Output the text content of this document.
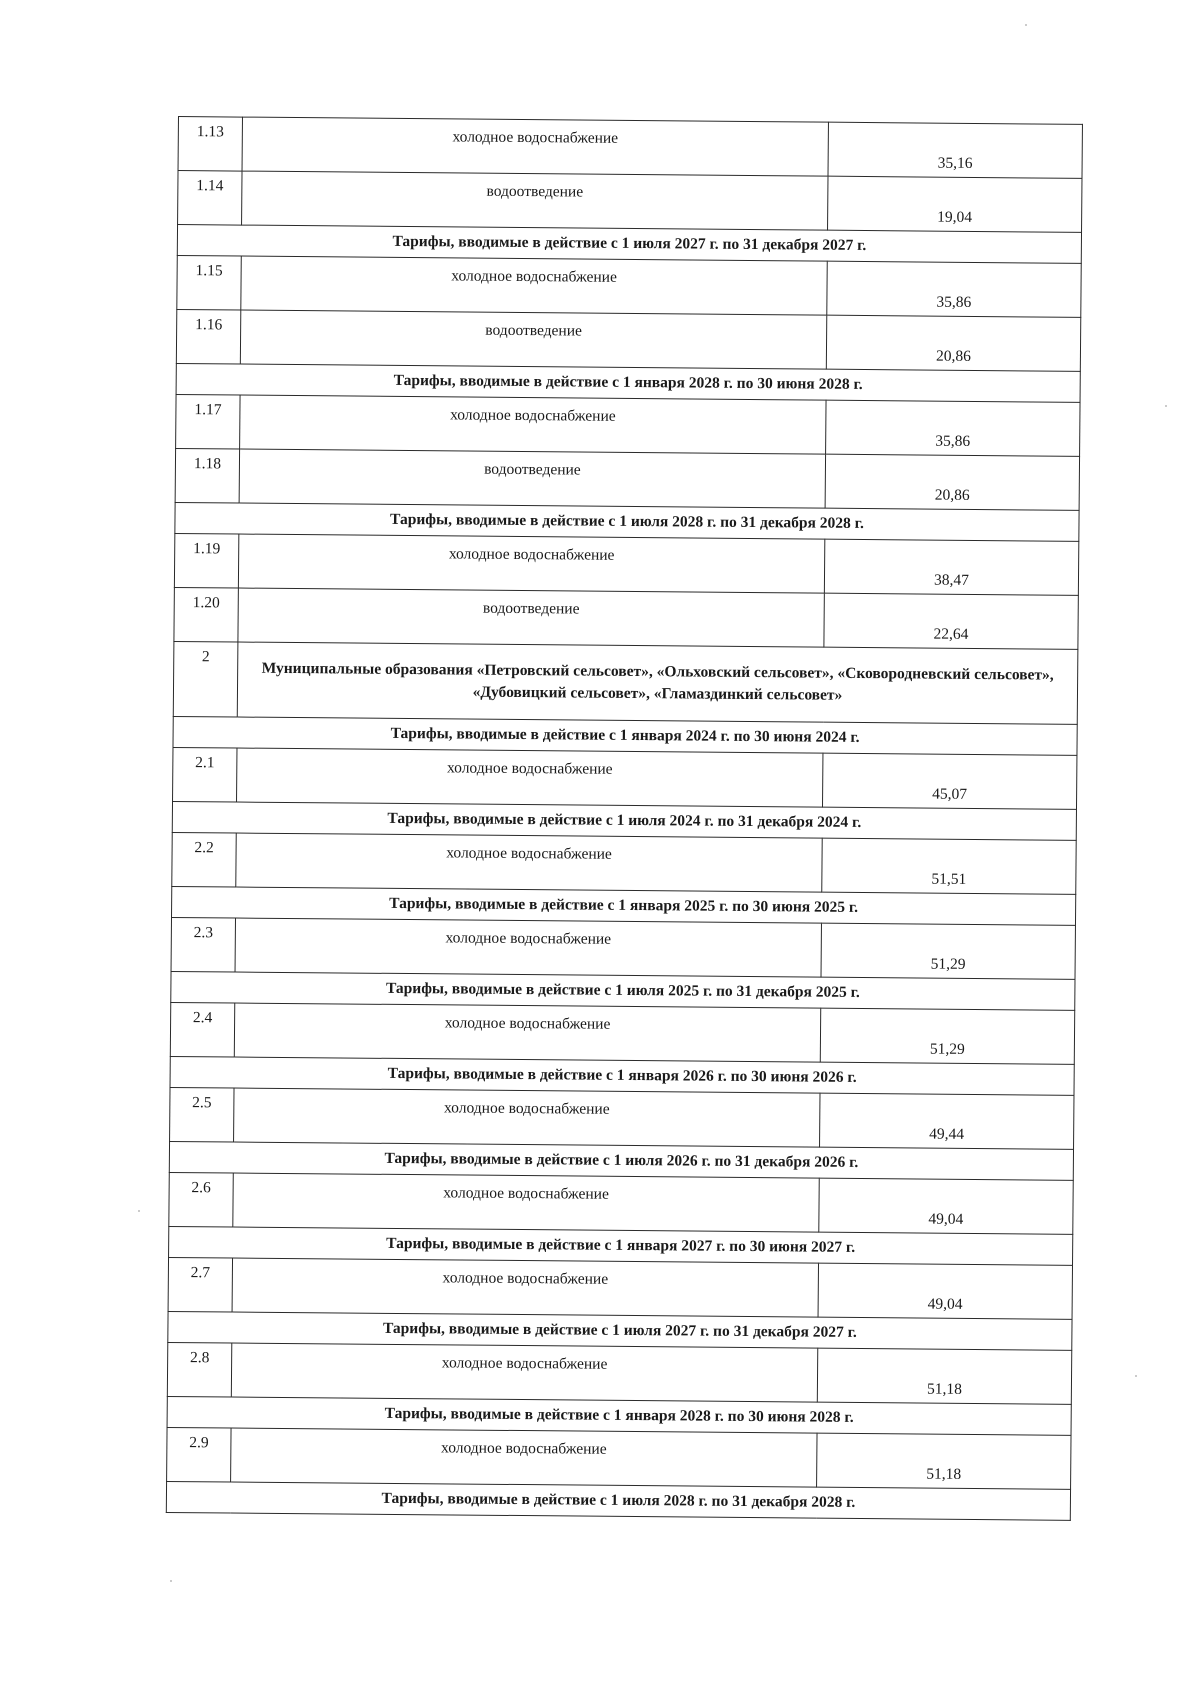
1.13	холодное водоснабжение	35,16
1.14	водоотведение	19,04
Тарифы, вводимые в действие с 1 июля 2027 г. по 31 декабря 2027 г.		
1.15	холодное водоснабжение	35,86
1.16	водоотведение	20,86
Тарифы, вводимые в действие с 1 января 2028 г. по 30 июня 2028 г.		
1.17	холодное водоснабжение	35,86
1.18	водоотведение	20,86
Тарифы, вводимые в действие с 1 июля 2028 г. по 31 декабря 2028 г.		
1.19	холодное водоснабжение	38,47
1.20	водоотведение	22,64
2	Муниципальные образования «Петровский сельсовет», «Ольховский сельсовет», «Сковородневский сельсовет», «Дубовицкий сельсовет», «Гламаздинкий сельсовет»	
Тарифы, вводимые в действие с 1 января 2024 г. по 30 июня 2024 г.		
2.1	холодное водоснабжение	45,07
Тарифы, вводимые в действие с 1 июля 2024 г. по 31 декабря 2024 г.		
2.2	холодное водоснабжение	51,51
Тарифы, вводимые в действие с 1 января 2025 г. по 30 июня 2025 г.		
2.3	холодное водоснабжение	51,29
Тарифы, вводимые в действие с 1 июля 2025 г. по 31 декабря 2025 г.		
2.4	холодное водоснабжение	51,29
Тарифы, вводимые в действие с 1 января 2026 г. по 30 июня 2026 г.		
2.5	холодное водоснабжение	49,44
Тарифы, вводимые в действие с 1 июля 2026 г. по 31 декабря 2026 г.		
2.6	холодное водоснабжение	49,04
Тарифы, вводимые в действие с 1 января 2027 г. по 30 июня 2027 г.		
2.7	холодное водоснабжение	49,04
Тарифы, вводимые в действие с 1 июля 2027 г. по 31 декабря 2027 г.		
2.8	холодное водоснабжение	51,18
Тарифы, вводимые в действие с 1 января 2028 г. по 30 июня 2028 г.		
2.9	холодное водоснабжение	51,18
Тарифы, вводимые в действие с 1 июля 2028 г. по 31 декабря 2028 г.		
